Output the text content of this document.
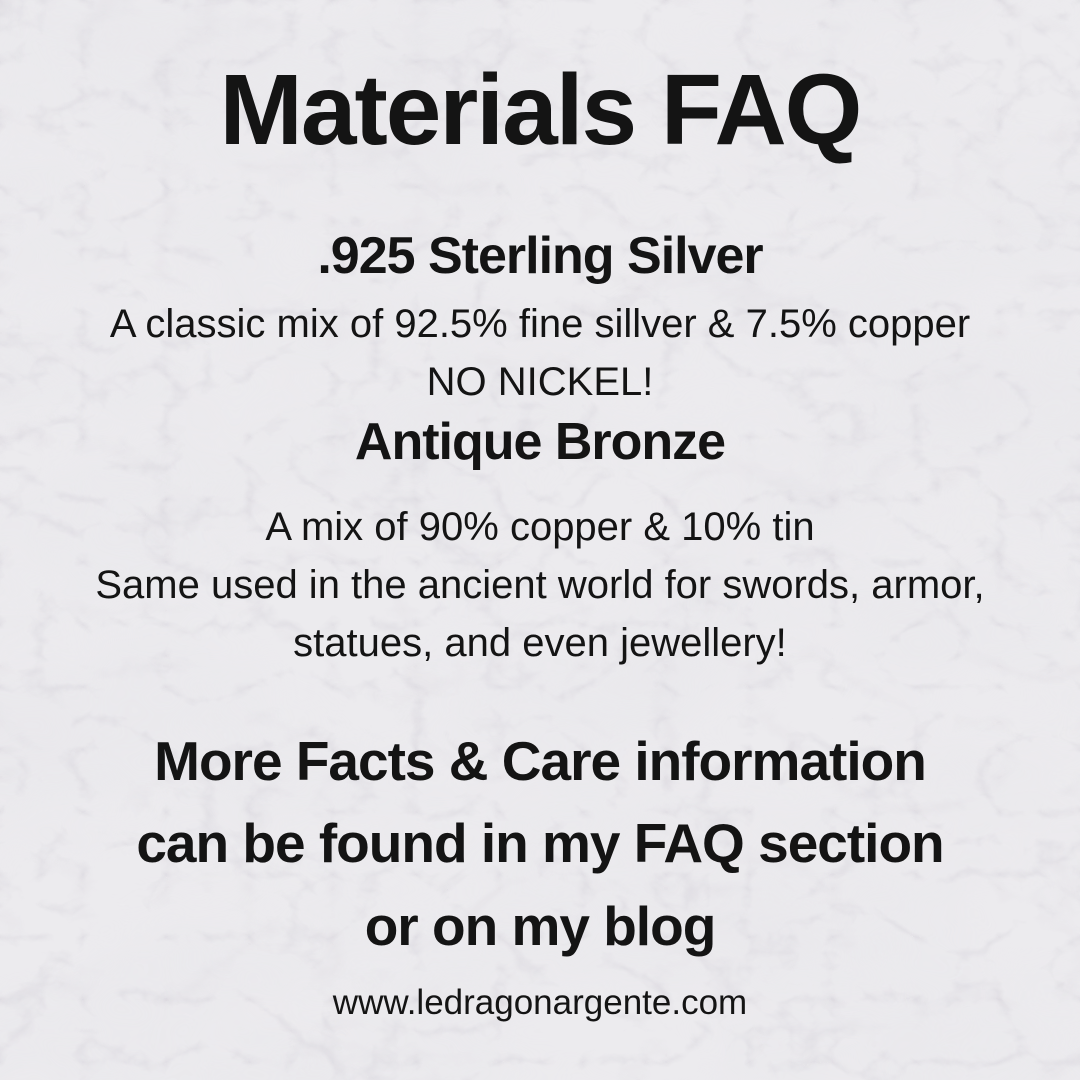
Materials FAQ
.925 Sterling Silver
A classic mix of 92.5% fine sillver & 7.5% copper
NO NICKEL!
Antique Bronze
A mix of 90% copper & 10% tin
Same used in the ancient world for swords, armor,
statues, and even jewellery!
More Facts & Care information
can be found in my FAQ section
or on my blog
www.ledragonargente.com
